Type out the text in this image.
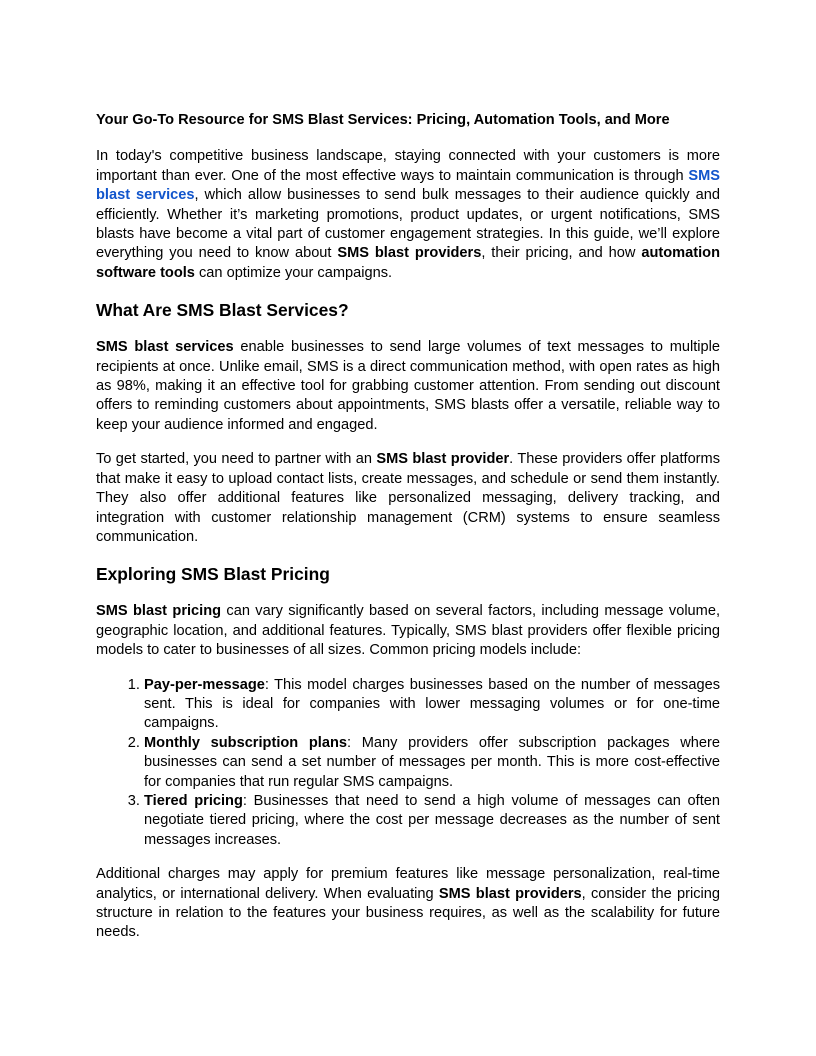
Your Go-To Resource for SMS Blast Services: Pricing, Automation Tools, and More

In today's competitive business landscape, staying connected with your customers is more important than ever. One of the most effective ways to maintain communication is through SMS blast services, which allow businesses to send bulk messages to their audience quickly and efficiently. Whether it’s marketing promotions, product updates, or urgent notifications, SMS blasts have become a vital part of customer engagement strategies. In this guide, we’ll explore everything you need to know about SMS blast providers, their pricing, and how automation software tools can optimize your campaigns.

What Are SMS Blast Services?

SMS blast services enable businesses to send large volumes of text messages to multiple recipients at once. Unlike email, SMS is a direct communication method, with open rates as high as 98%, making it an effective tool for grabbing customer attention. From sending out discount offers to reminding customers about appointments, SMS blasts offer a versatile, reliable way to keep your audience informed and engaged.

To get started, you need to partner with an SMS blast provider. These providers offer platforms that make it easy to upload contact lists, create messages, and schedule or send them instantly. They also offer additional features like personalized messaging, delivery tracking, and integration with customer relationship management (CRM) systems to ensure seamless communication.

Exploring SMS Blast Pricing

SMS blast pricing can vary significantly based on several factors, including message volume, geographic location, and additional features. Typically, SMS blast providers offer flexible pricing models to cater to businesses of all sizes. Common pricing models include:

1. Pay-per-message: This model charges businesses based on the number of messages sent. This is ideal for companies with lower messaging volumes or for one-time campaigns.
2. Monthly subscription plans: Many providers offer subscription packages where businesses can send a set number of messages per month. This is more cost-effective for companies that run regular SMS campaigns.
3. Tiered pricing: Businesses that need to send a high volume of messages can often negotiate tiered pricing, where the cost per message decreases as the number of sent messages increases.

Additional charges may apply for premium features like message personalization, real-time analytics, or international delivery. When evaluating SMS blast providers, consider the pricing structure in relation to the features your business requires, as well as the scalability for future needs.
